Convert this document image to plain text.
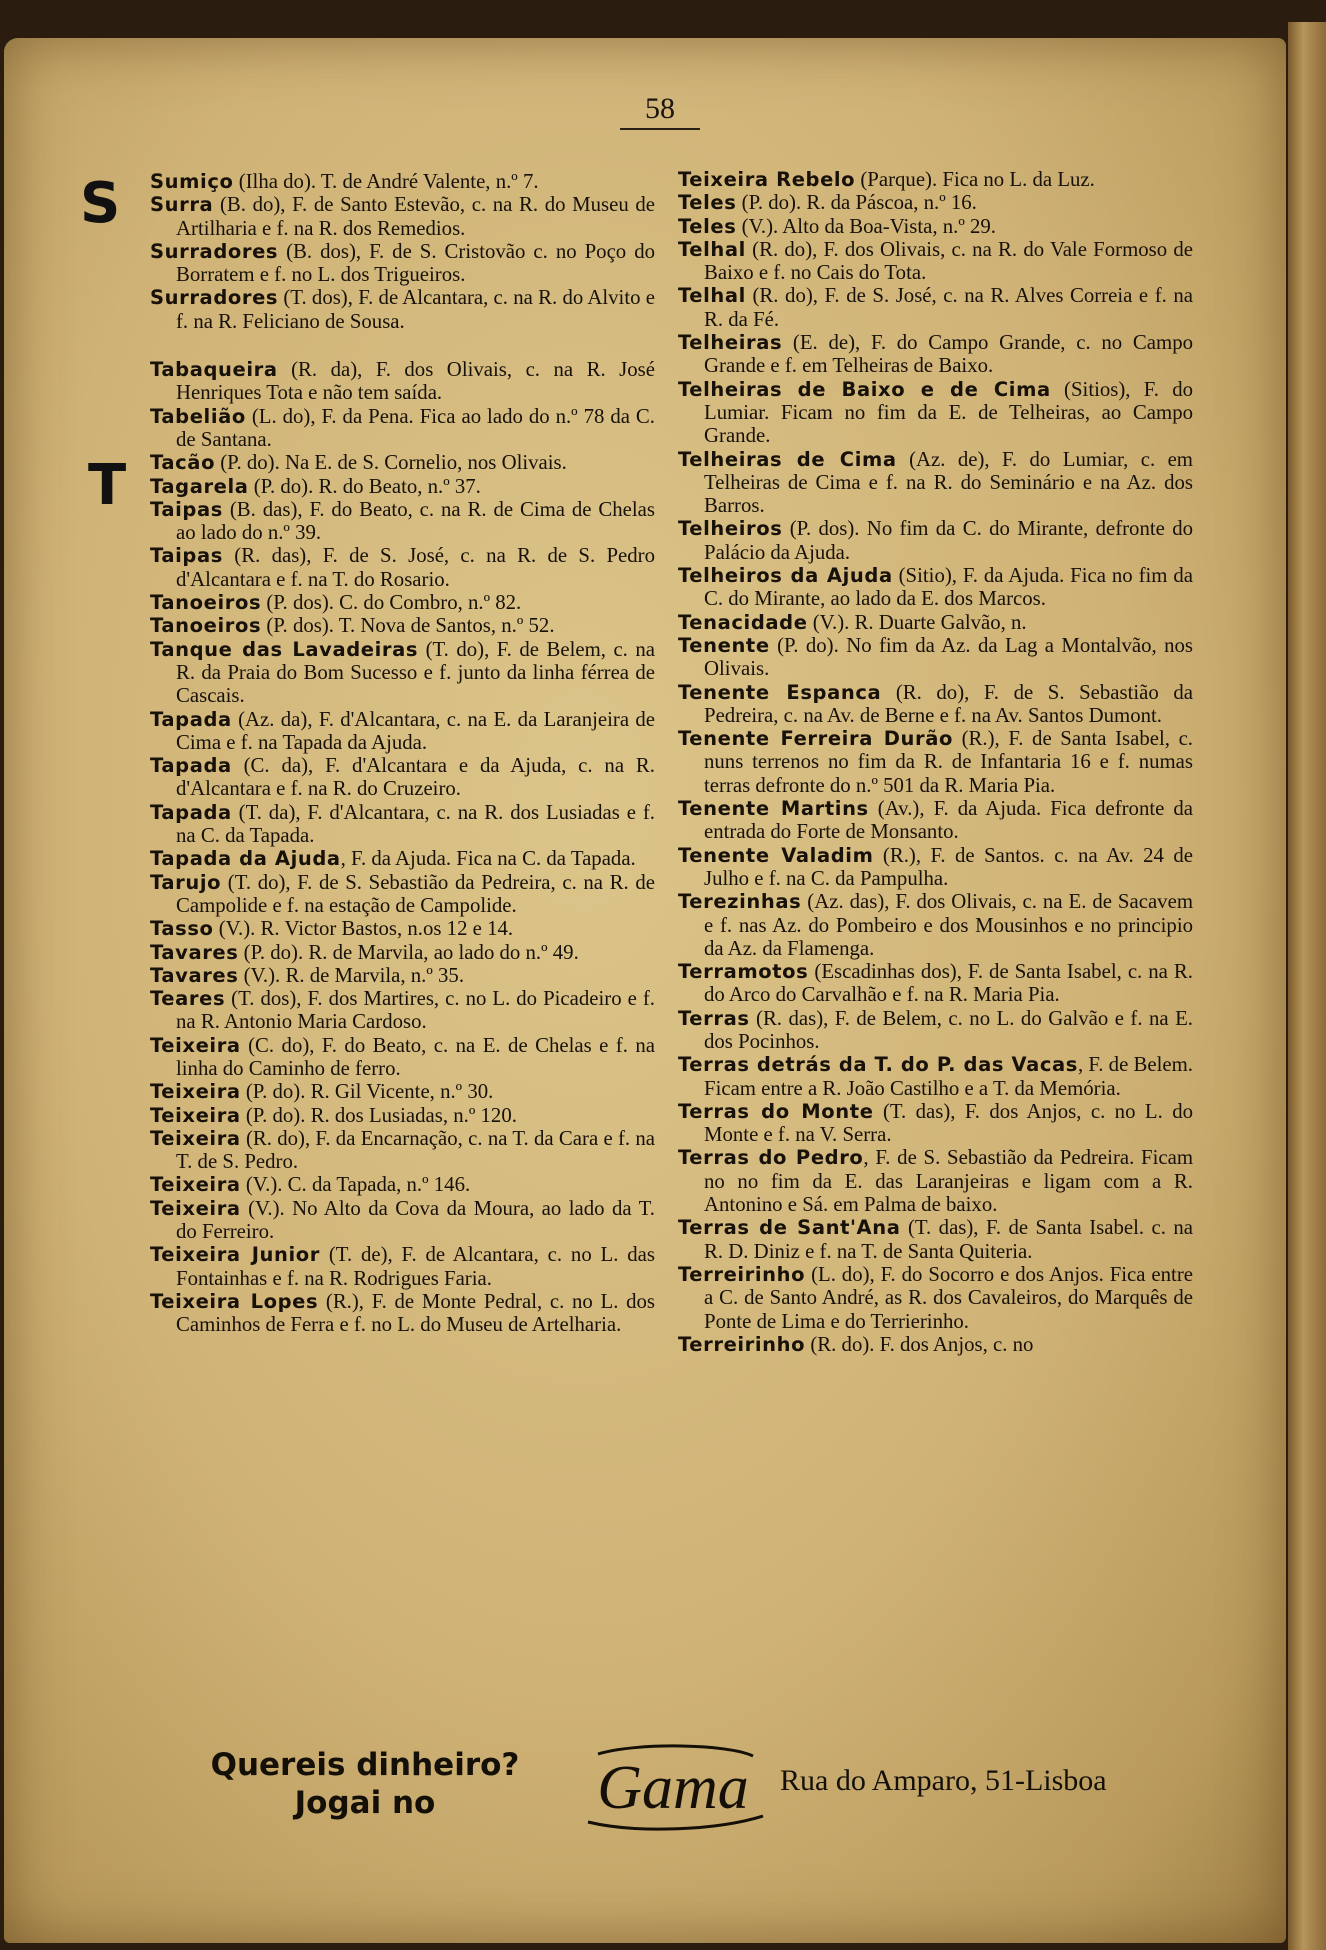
58
S
T
Sumiço (Ilha do). T. de André Valente, n.º 7.
Surra (B. do), F. de Santo Estevão, c. na R. do Museu de Artilharia e f. na R. dos Remedios.
Surradores (B. dos), F. de S. Cristovão c. no Poço do Borratem e f. no L. dos Trigueiros.
Surradores (T. dos), F. de Alcantara, c. na R. do Alvito e f. na R. Feliciano de Sousa.
Tabaqueira (R. da), F. dos Olivais, c. na R. José Henriques Tota e não tem saída.
Tabelião (L. do), F. da Pena. Fica ao lado do n.º 78 da C. de Santana.
Tacão (P. do). Na E. de S. Cornelio, nos Olivais.
Tagarela (P. do). R. do Beato, n.º 37.
Taipas (B. das), F. do Beato, c. na R. de Cima de Chelas ao lado do n.º 39.
Taipas (R. das), F. de S. José, c. na R. de S. Pedro d'Alcantara e f. na T. do Rosario.
Tanoeiros (P. dos). C. do Combro, n.º 82.
Tanoeiros (P. dos). T. Nova de Santos, n.º 52.
Tanque das Lavadeiras (T. do), F. de Belem, c. na R. da Praia do Bom Sucesso e f. junto da linha férrea de Cascais.
Tapada (Az. da), F. d'Alcantara, c. na E. da Laranjeira de Cima e f. na Tapada da Ajuda.
Tapada (C. da), F. d'Alcantara e da Ajuda, c. na R. d'Alcantara e f. na R. do Cruzeiro.
Tapada (T. da), F. d'Alcantara, c. na R. dos Lusiadas e f. na C. da Tapada.
Tapada da Ajuda, F. da Ajuda. Fica na C. da Tapada.
Tarujo (T. do), F. de S. Sebastião da Pedreira, c. na R. de Campolide e f. na estação de Campolide.
Tasso (V.). R. Victor Bastos, n.os 12 e 14.
Tavares (P. do). R. de Marvila, ao lado do n.º 49.
Tavares (V.). R. de Marvila, n.º 35.
Teares (T. dos), F. dos Martires, c. no L. do Picadeiro e f. na R. Antonio Maria Cardoso.
Teixeira (C. do), F. do Beato, c. na E. de Chelas e f. na linha do Caminho de ferro.
Teixeira (P. do). R. Gil Vicente, n.º 30.
Teixeira (P. do). R. dos Lusiadas, n.º 120.
Teixeira (R. do), F. da Encarnação, c. na T. da Cara e f. na T. de S. Pedro.
Teixeira (V.). C. da Tapada, n.º 146.
Teixeira (V.). No Alto da Cova da Moura, ao lado da T. do Ferreiro.
Teixeira Junior (T. de), F. de Alcantara, c. no L. das Fontainhas e f. na R. Rodrigues Faria.
Teixeira Lopes (R.), F. de Monte Pedral, c. no L. dos Caminhos de Ferra e f. no L. do Museu de Artelharia.
Teixeira Rebelo (Parque). Fica no L. da Luz.
Teles (P. do). R. da Páscoa, n.º 16.
Teles (V.). Alto da Boa-Vista, n.º 29.
Telhal (R. do), F. dos Olivais, c. na R. do Vale Formoso de Baixo e f. no Cais do Tota.
Telhal (R. do), F. de S. José, c. na R. Alves Correia e f. na R. da Fé.
Telheiras (E. de), F. do Campo Grande, c. no Campo Grande e f. em Telheiras de Baixo.
Telheiras de Baixo e de Cima (Sitios), F. do Lumiar. Ficam no fim da E. de Telheiras, ao Campo Grande.
Telheiras de Cima (Az. de), F. do Lumiar, c. em Telheiras de Cima e f. na R. do Seminário e na Az. dos Barros.
Telheiros (P. dos). No fim da C. do Mirante, defronte do Palácio da Ajuda.
Telheiros da Ajuda (Sitio), F. da Ajuda. Fica no fim da C. do Mirante, ao lado da E. dos Marcos.
Tenacidade (V.). R. Duarte Galvão, n.
Tenente (P. do). No fim da Az. da Lag a Montalvão, nos Olivais.
Tenente Espanca (R. do), F. de S. Sebastião da Pedreira, c. na Av. de Berne e f. na Av. Santos Dumont.
Tenente Ferreira Durão (R.), F. de Santa Isabel, c. nuns terrenos no fim da R. de Infantaria 16 e f. numas terras defronte do n.º 501 da R. Maria Pia.
Tenente Martins (Av.), F. da Ajuda. Fica defronte da entrada do Forte de Monsanto.
Tenente Valadim (R.), F. de Santos. c. na Av. 24 de Julho e f. na C. da Pampulha.
Terezinhas (Az. das), F. dos Olivais, c. na E. de Sacavem e f. nas Az. do Pombeiro e dos Mousinhos e no principio da Az. da Flamenga.
Terramotos (Escadinhas dos), F. de Santa Isabel, c. na R. do Arco do Carvalhão e f. na R. Maria Pia.
Terras (R. das), F. de Belem, c. no L. do Galvão e f. na E. dos Pocinhos.
Terras detrás da T. do P. das Vacas, F. de Belem. Ficam entre a R. João Castilho e a T. da Memória.
Terras do Monte (T. das), F. dos Anjos, c. no L. do Monte e f. na V. Serra.
Terras do Pedro, F. de S. Sebastião da Pedreira. Ficam no no fim da E. das Laranjeiras e ligam com a R. Antonino e Sá. em Palma de baixo.
Terras de Sant'Ana (T. das), F. de Santa Isabel. c. na R. D. Diniz e f. na T. de Santa Quiteria.
Terreirinho (L. do), F. do Socorro e dos Anjos. Fica entre a C. de Santo André, as R. dos Cavaleiros, do Marquês de Ponte de Lima e do Terrierinho.
Terreirinho (R. do). F. dos Anjos, c. no
Quereis dinheiro?
Jogai no	Gama Rua do Amparo, 51-Lisboa
